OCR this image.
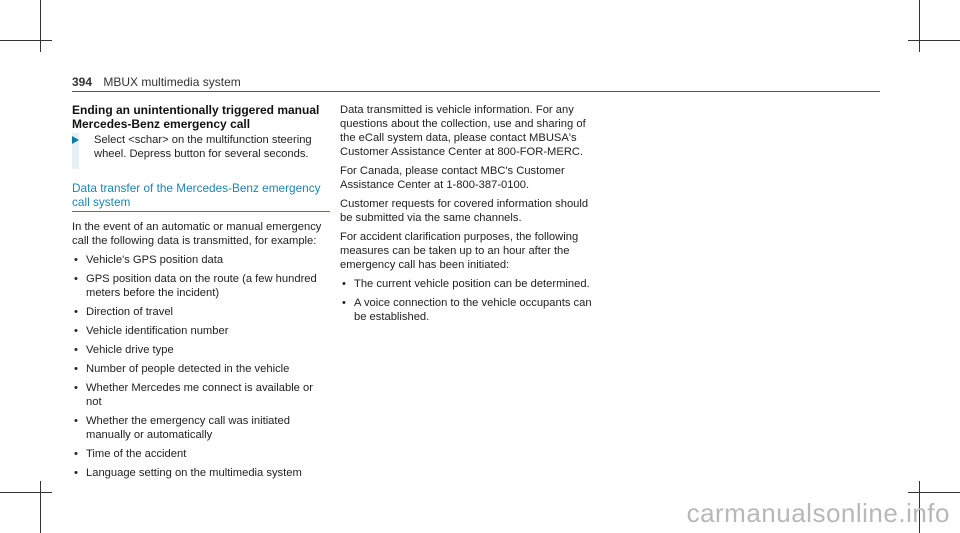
394 MBUX multimedia system
Ending an unintentionally triggered manual Mercedes-Benz emergency call
Select <schar> on the multifunction steering wheel. Depress button for several seconds.
Data transfer of the Mercedes-Benz emergency call system

In the event of an automatic or manual emergency call the following data is transmitted, for example:

• Vehicle's GPS position data
• GPS position data on the route (a few hundred meters before the incident)
• Direction of travel
• Vehicle identification number
• Vehicle drive type
• Number of people detected in the vehicle
• Whether Mercedes me connect is available or not
• Whether the emergency call was initiated manually or automatically
• Time of the accident
• Language setting on the multimedia system

Data transmitted is vehicle information. For any questions about the collection, use and sharing of the eCall system data, please contact MBUSA's Customer Assistance Center at 800-FOR-MERC.

For Canada, please contact MBC's Customer Assistance Center at 1-800-387-0100.

Customer requests for covered information should be submitted via the same channels.

For accident clarification purposes, the following measures can be taken up to an hour after the emergency call has been initiated:

• The current vehicle position can be determined.
• A voice connection to the vehicle occupants can be established.
carmanualsonline.info
